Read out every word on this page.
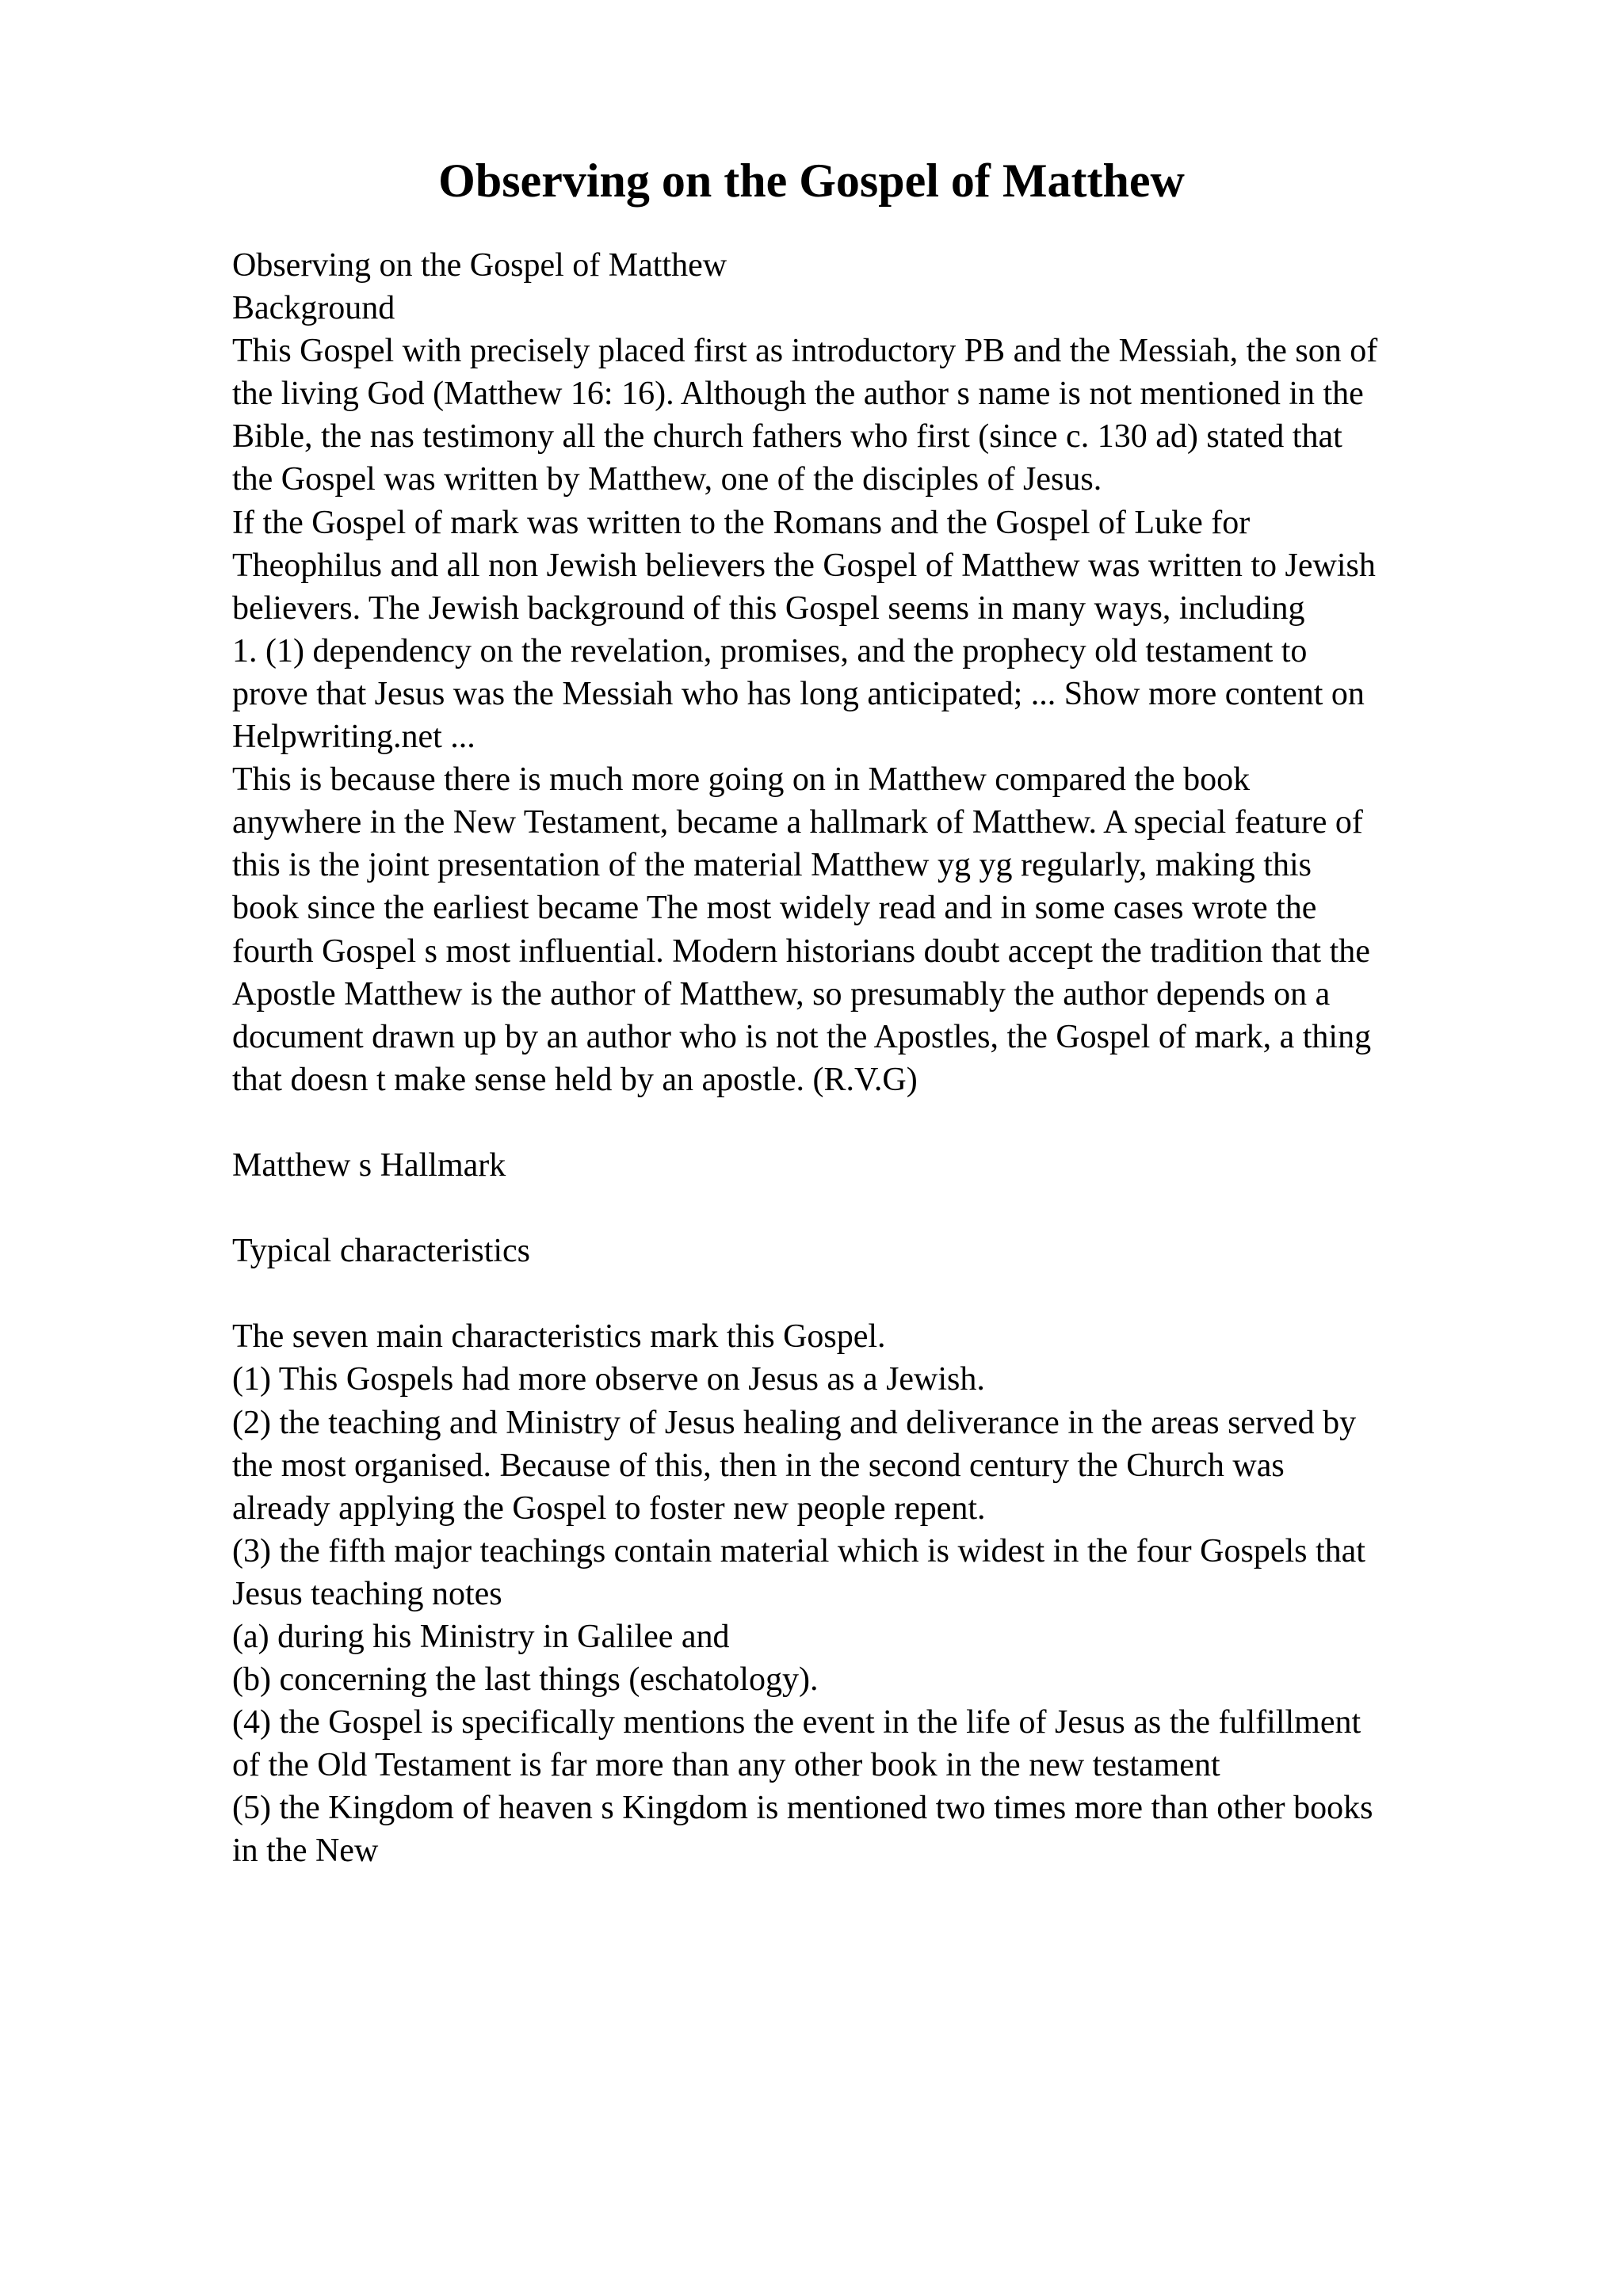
Observing on the Gospel of Matthew
Observing on the Gospel of Matthew
Background
This Gospel with precisely placed first as introductory PB and the Messiah, the son of
the living God (Matthew 16: 16). Although the author s name is not mentioned in the
Bible, the nas testimony all the church fathers who first (since c. 130 ad) stated that
the Gospel was written by Matthew, one of the disciples of Jesus.
If the Gospel of mark was written to the Romans and the Gospel of Luke for
Theophilus and all non Jewish believers the Gospel of Matthew was written to Jewish
believers. The Jewish background of this Gospel seems in many ways, including
1. (1) dependency on the revelation, promises, and the prophecy old testament to
prove that Jesus was the Messiah who has long anticipated; ... Show more content on
Helpwriting.net ...
This is because there is much more going on in Matthew compared the book
anywhere in the New Testament, became a hallmark of Matthew. A special feature of
this is the joint presentation of the material Matthew yg yg regularly, making this
book since the earliest became The most widely read and in some cases wrote the
fourth Gospel s most influential. Modern historians doubt accept the tradition that the
Apostle Matthew is the author of Matthew, so presumably the author depends on a
document drawn up by an author who is not the Apostles, the Gospel of mark, a thing
that doesn t make sense held by an apostle. (R.V.G)
Matthew s Hallmark
Typical characteristics
The seven main characteristics mark this Gospel.
(1) This Gospels had more observe on Jesus as a Jewish.
(2) the teaching and Ministry of Jesus healing and deliverance in the areas served by
the most organised. Because of this, then in the second century the Church was
already applying the Gospel to foster new people repent.
(3) the fifth major teachings contain material which is widest in the four Gospels that
Jesus teaching notes
(a) during his Ministry in Galilee and
(b) concerning the last things (eschatology).
(4) the Gospel is specifically mentions the event in the life of Jesus as the fulfillment
of the Old Testament is far more than any other book in the new testament
(5) the Kingdom of heaven s Kingdom is mentioned two times more than other books
in the New
